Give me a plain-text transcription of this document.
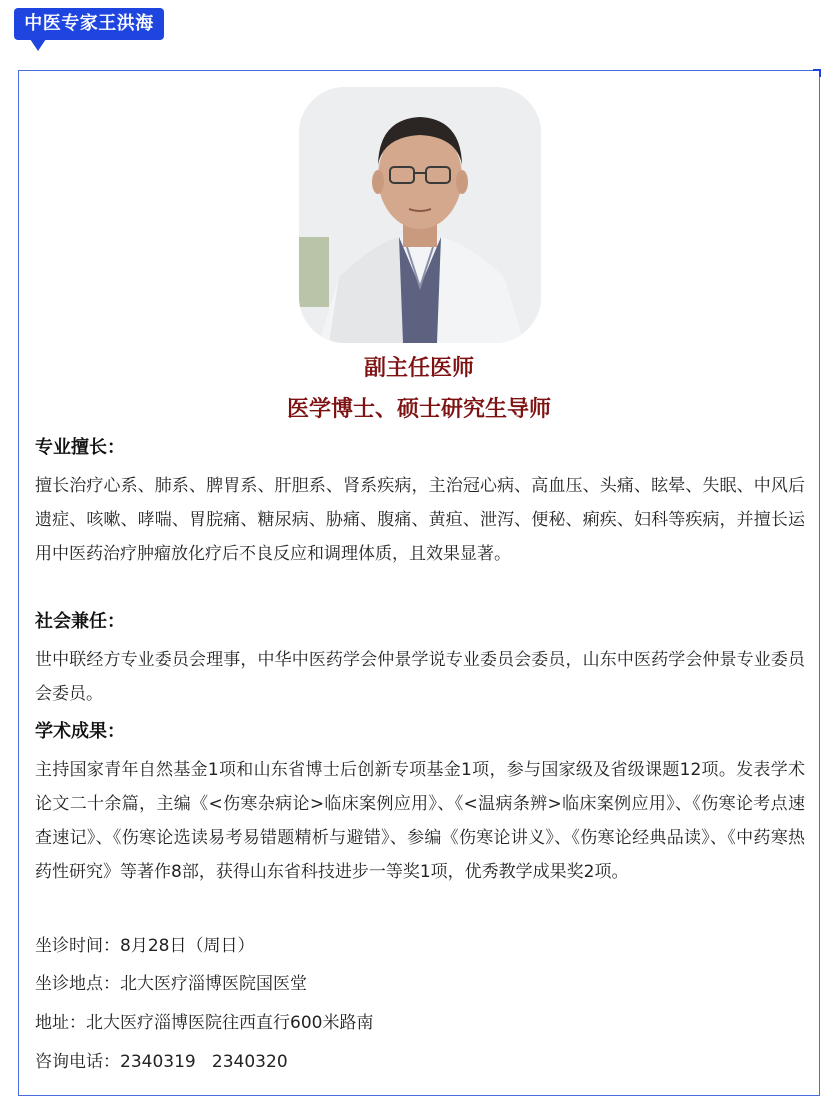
中医专家王洪海
副主任医师
医学博士、硕士研究生导师
专业擅长：

擅长治疗心系、肺系、脾胃系、肝胆系、肾系疾病，主治冠心病、高血压、头痛、眩晕、失眠、中风后遗症、咳嗽、哮喘、胃脘痛、糖尿病、胁痛、腹痛、黄疸、泄泻、便秘、痢疾、妇科等疾病，并擅长运用中医药治疗肿瘤放化疗后不良反应和调理体质，且效果显著。

社会兼任：

世中联经方专业委员会理事，中华中医药学会仲景学说专业委员会委员，山东中医药学会仲景专业委员会委员。

学术成果：

主持国家青年自然基金1项和山东省博士后创新专项基金1项，参与国家级及省级课题12项。发表学术论文二十余篇，主编《<伤寒杂病论>临床案例应用》、《<温病条辨>临床案例应用》、《伤寒论考点速查速记》、《伤寒论选读易考易错题精析与避错》、参编《伤寒论讲义》、《伤寒论经典品读》、《中药寒热药性研究》等著作8部，获得山东省科技进步一等奖1项，优秀教学成果奖2项。

坐诊时间：8月28日（周日）
坐诊地点：北大医疗淄博医院国医堂
地址：北大医疗淄博医院往西直行600米路南
咨询电话：2340319   2340320
